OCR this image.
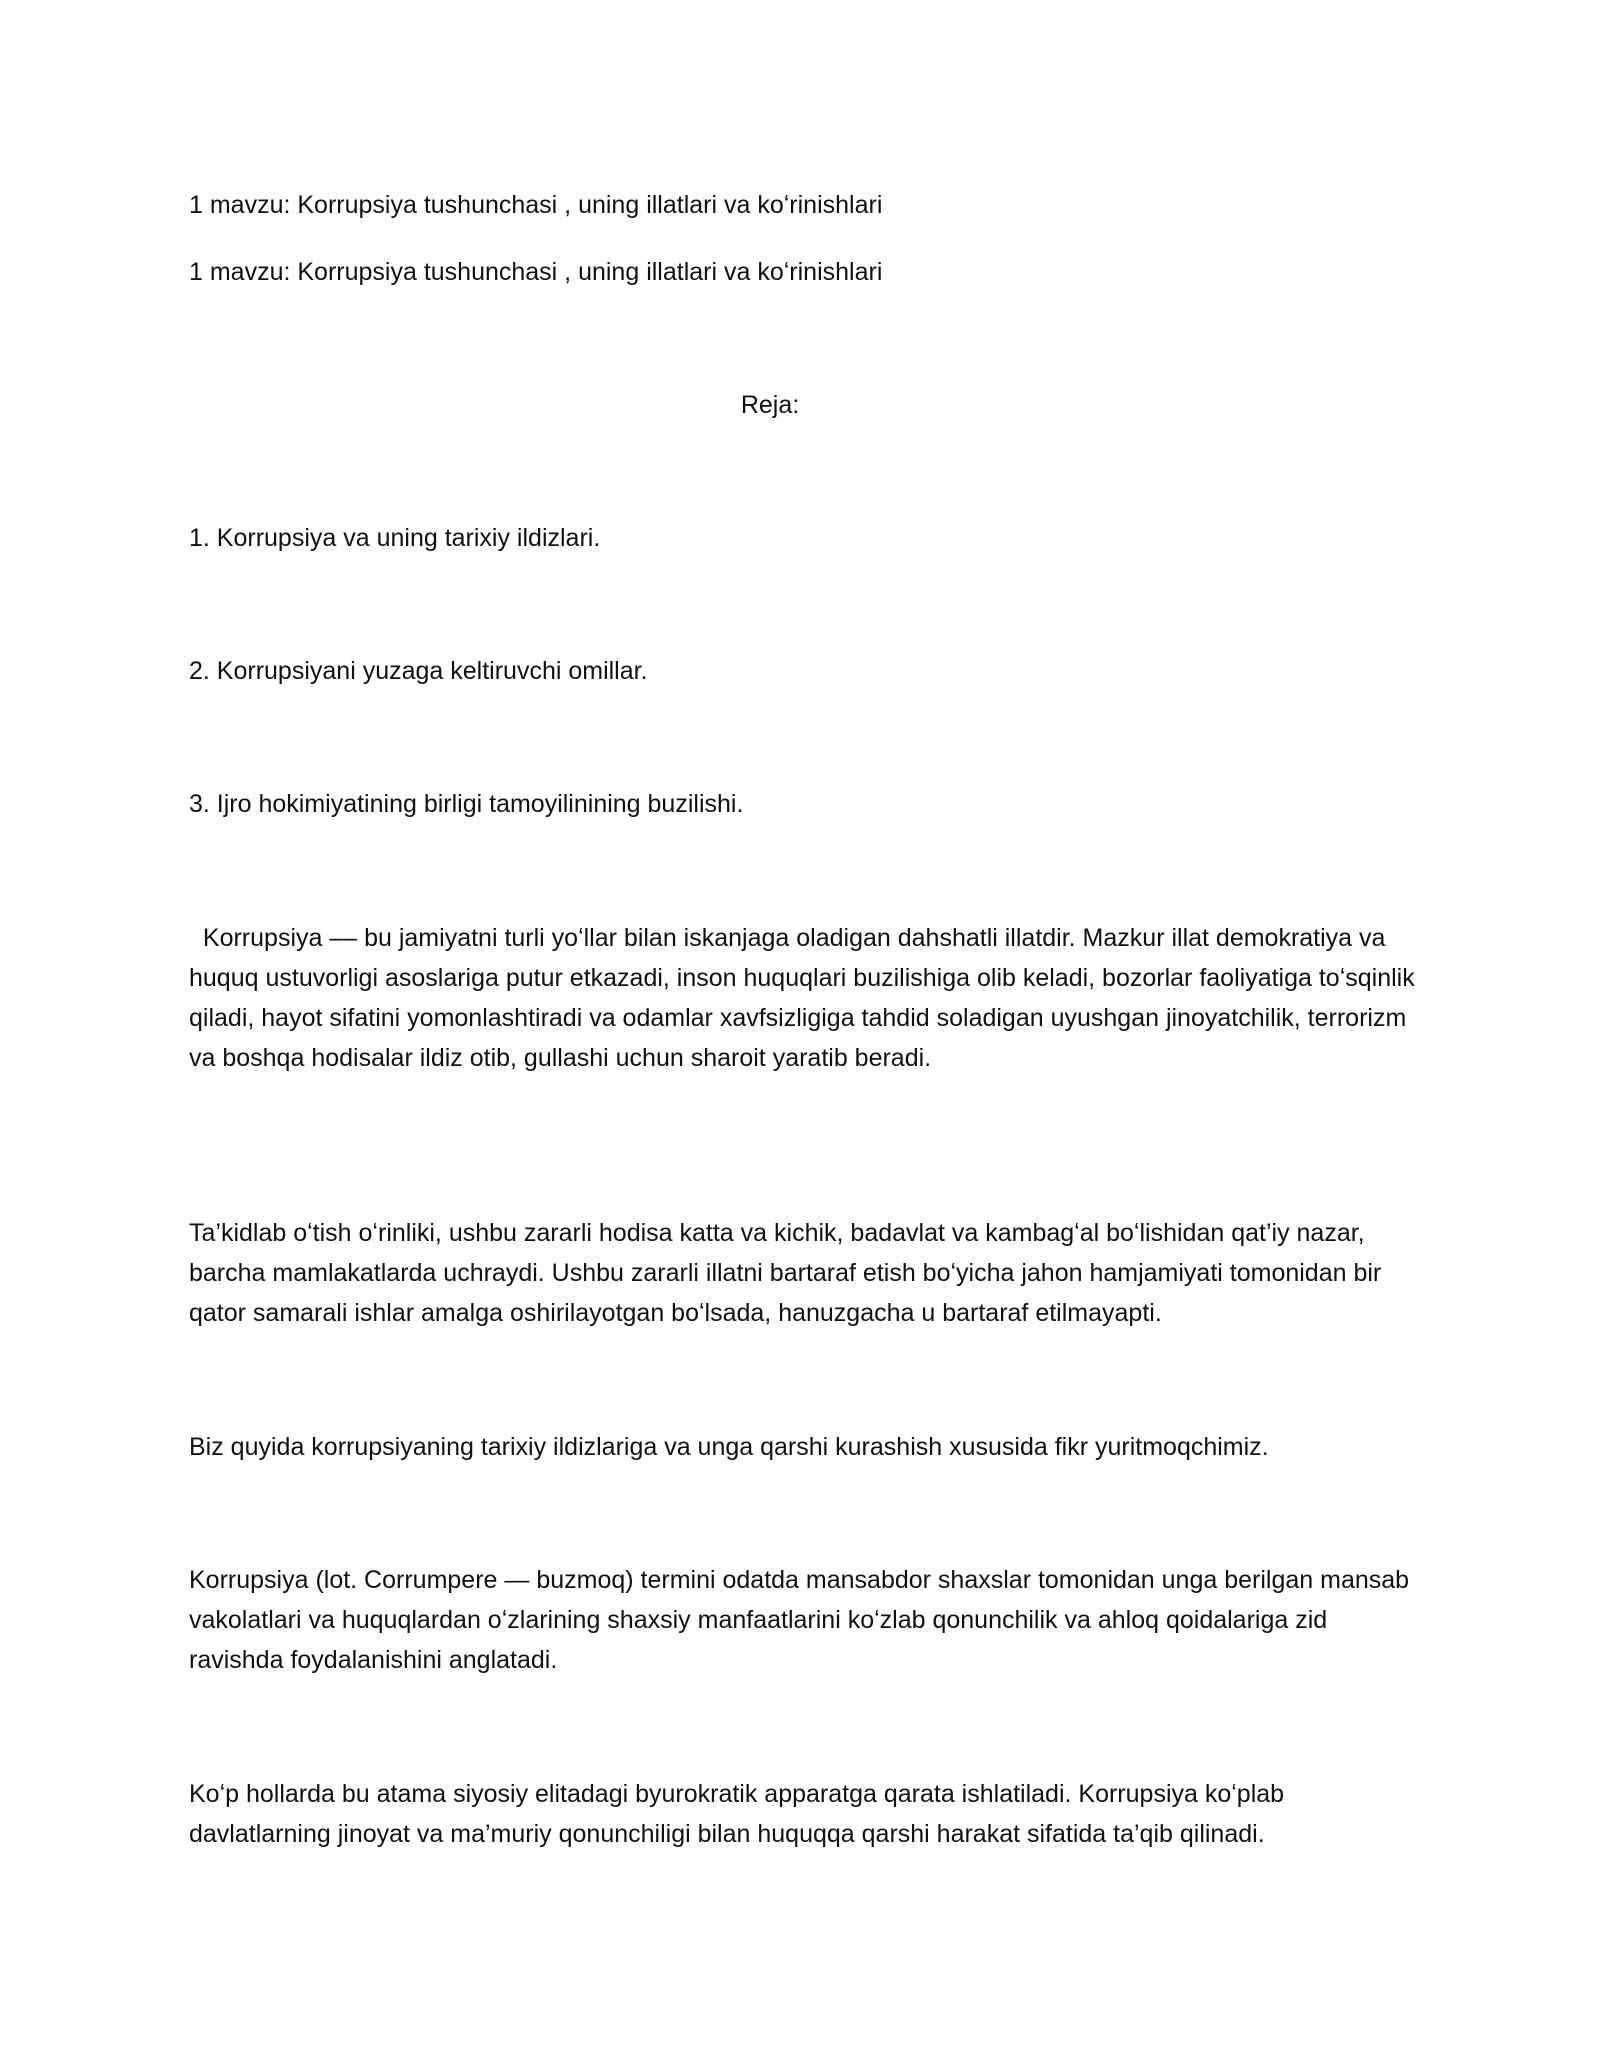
1 mavzu: Korrupsiya tushunchasi , uning illatlari va koʻrinishlari

1 mavzu: Korrupsiya tushunchasi , uning illatlari va koʻrinishlari

Reja:

1. Korrupsiya va uning tarixiy ildizlari.

2. Korrupsiyani yuzaga keltiruvchi omillar.

3. Ijro hokimiyatining birligi tamoyilinining buzilishi.

Korrupsiya –– bu jamiyatni turli yoʻllar bilan iskanjaga oladigan dahshatli illatdir. Mazkur illat demokratiya va huquq ustuvorligi asoslariga putur etkazadi, inson huquqlari buzilishiga olib keladi, bozorlar faoliyatiga toʻsqinlik qiladi, hayot sifatini yomonlashtiradi va odamlar xavfsizligiga tahdid soladigan uyushgan jinoyatchilik, terrorizm va boshqa hodisalar ildiz otib, gullashi uchun sharoit yaratib beradi.

Ta’kidlab oʻtish oʻrinliki, ushbu zararli hodisa katta va kichik, badavlat va kambagʻal boʻlishidan qat’iy nazar, barcha mamlakatlarda uchraydi. Ushbu zararli illatni bartaraf etish boʻyicha jahon hamjamiyati tomonidan bir qator samarali ishlar amalga oshirilayotgan boʻlsada, hanuzgacha u bartaraf etilmayapti.

Biz quyida korrupsiyaning tarixiy ildizlariga va unga qarshi kurashish xususida fikr yuritmoqchimiz.

Korrupsiya (lot. Corrumpere — buzmoq) termini odatda mansabdor shaxslar tomonidan unga berilgan mansab vakolatlari va huquqlardan oʻzlarining shaxsiy manfaatlarini koʻzlab qonunchilik va ahloq qoidalariga zid ravishda foydalanishini anglatadi.

Koʻp hollarda bu atama siyosiy elitadagi byurokratik apparatga qarata ishlatiladi. Korrupsiya koʻplab davlatlarning jinoyat va ma’muriy qonunchiligi bilan huquqqa qarshi harakat sifatida ta’qib qilinadi.
